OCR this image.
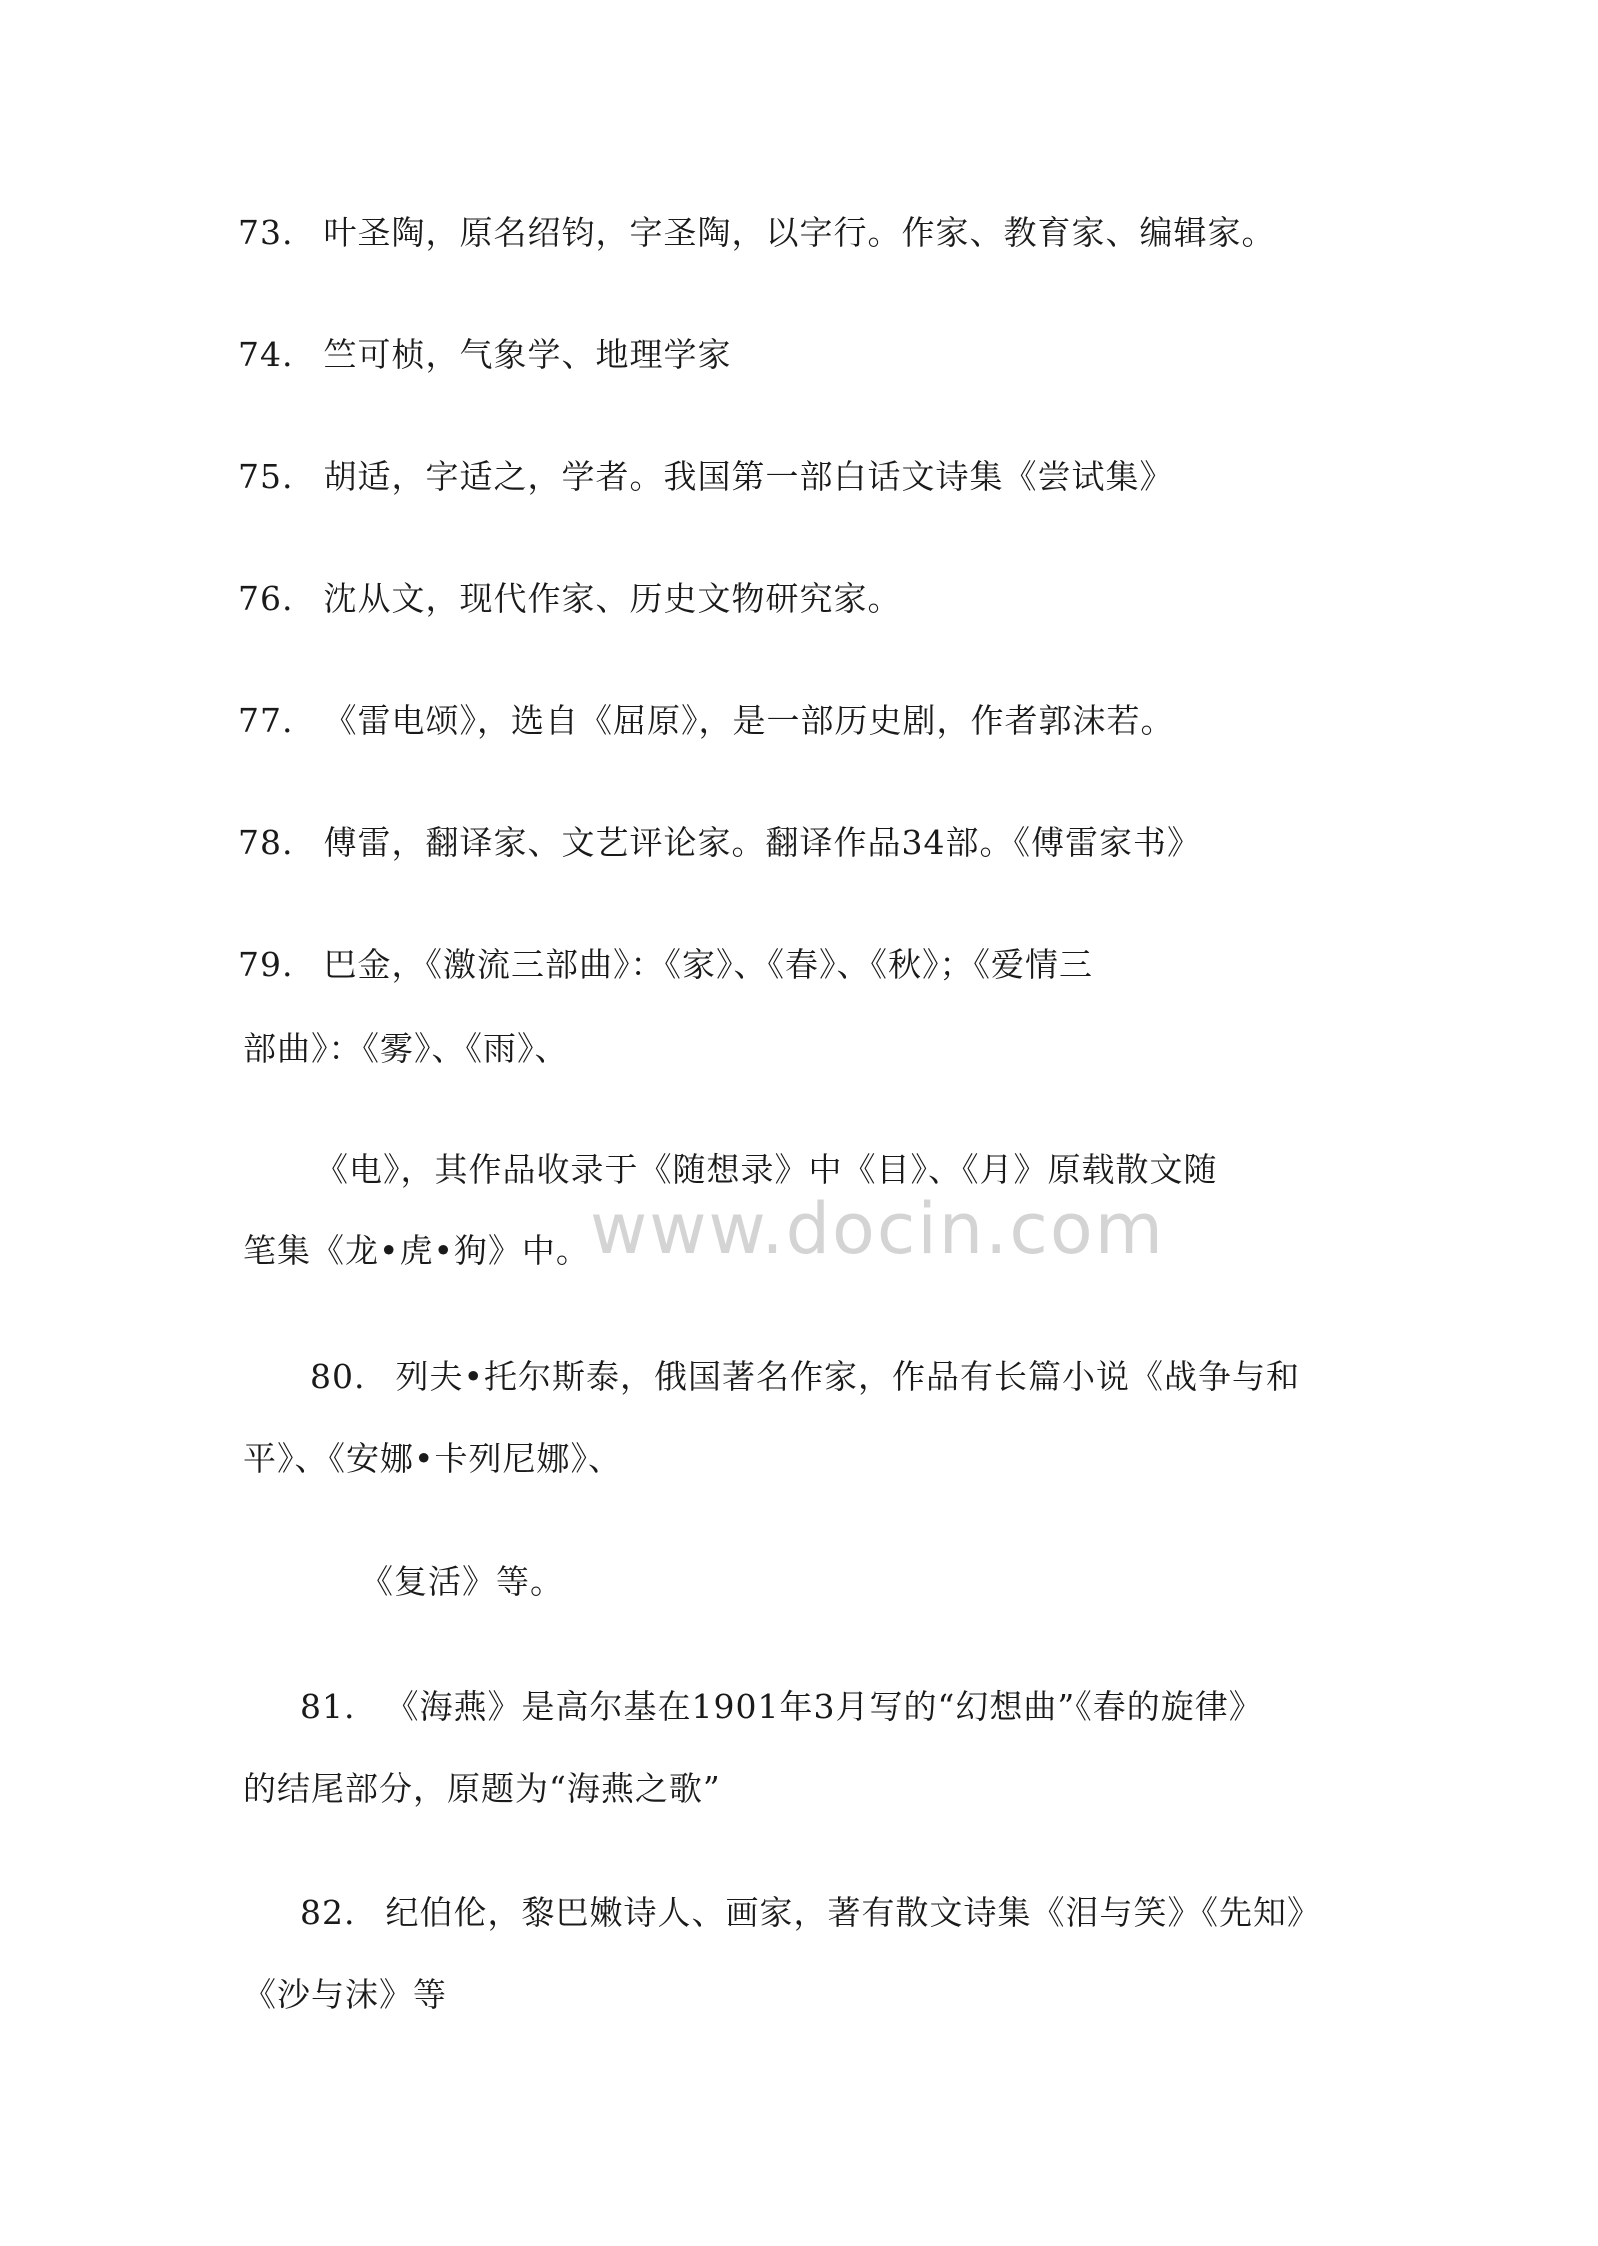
73. 叶圣陶，原名绍钧，字圣陶，以字行。作家、教育家、编辑家。
74. 竺可桢，气象学、地理学家
75. 胡适，字适之，学者。我国第一部白话文诗集《尝试集》
76. 沈从文，现代作家、历史文物研究家。
77. 《雷电颂》，选自《屈原》，是一部历史剧，作者郭沫若。
78. 傅雷，翻译家、文艺评论家。翻译作品34部。《傅雷家书》
79. 巴金，《激流三部曲》：《家》、《春》、《秋》；《爱情三
部曲》：《雾》、《雨》、
《电》，其作品收录于《随想录》中《目》、《月》原载散文随
笔集《龙•虎•狗》中。
80. 列夫•托尔斯泰，俄国著名作家，作品有长篇小说《战争与和
平》、《安娜•卡列尼娜》、
《复活》等。
81. 《海燕》是高尔基在1901年3月写的“幻想曲”《春的旋律》
的结尾部分，原题为“海燕之歌”
82. 纪伯伦，黎巴嫩诗人、画家，著有散文诗集《泪与笑》《先知》
《沙与沫》等
www.docin.com
